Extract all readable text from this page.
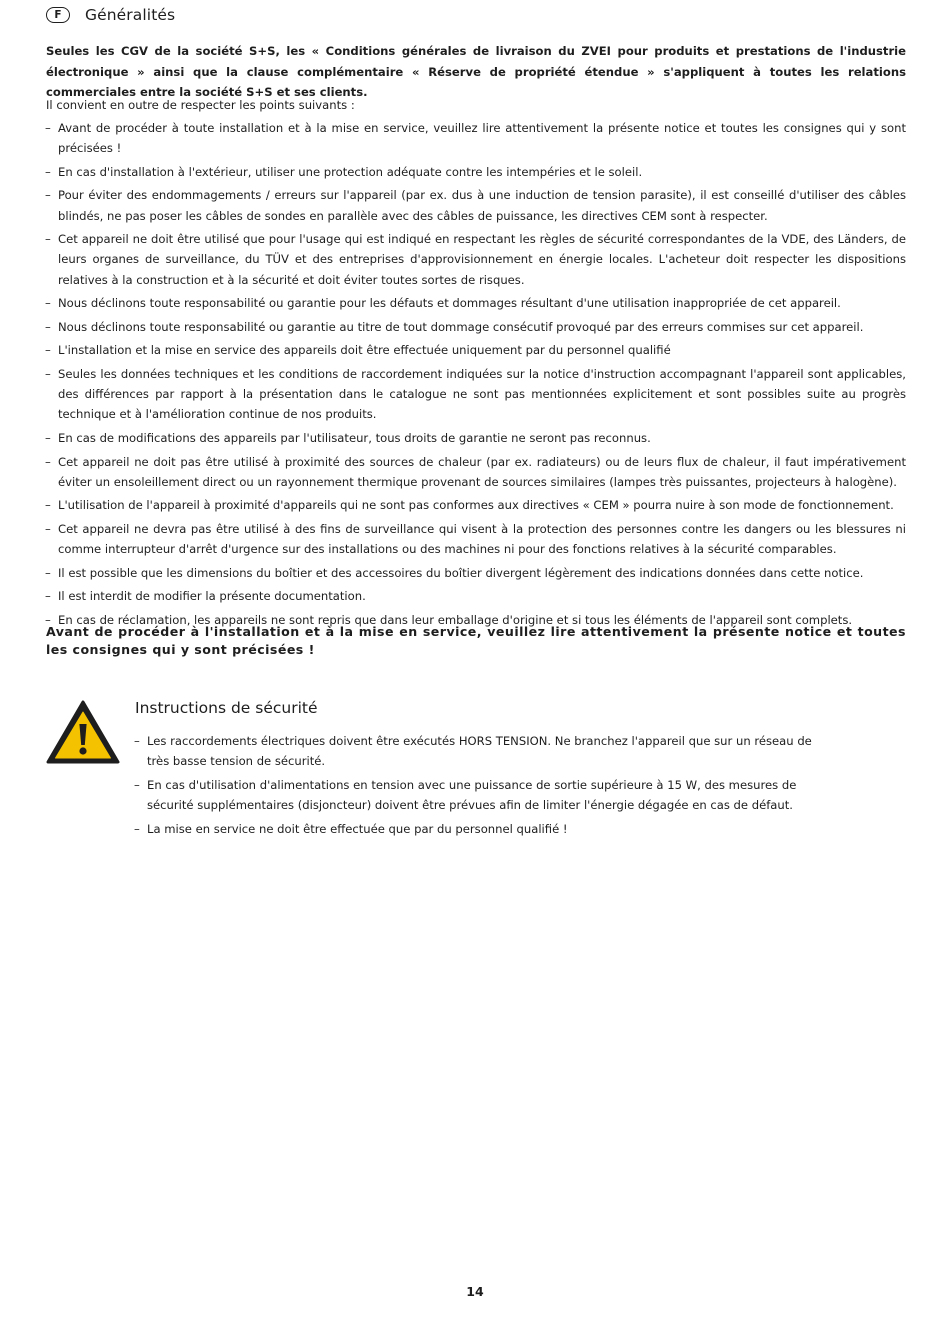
F	Généralités
Seules les CGV de la société S+S, les « Conditions générales de livraison du ZVEI pour produits et prestations de l'industrie électronique » ainsi que la clause complémentaire « Réserve de propriété étendue » s'appliquent à toutes les relations commerciales entre la société S+S et ses clients.
Il convient en outre de respecter les points suivants :
– Avant de procéder à toute installation et à la mise en service, veuillez lire attentivement la présente notice et toutes les consignes qui y sont précisées !
– En cas d'installation à l'extérieur, utiliser une protection adéquate contre les intempéries et le soleil.
– Pour éviter des endommagements / erreurs sur l'appareil (par ex. dus à une induction de tension parasite), il est conseillé d'utiliser des câbles blindés, ne pas poser les câbles de sondes en parallèle avec des câbles de puissance, les directives CEM sont à respecter.
– Cet appareil ne doit être utilisé que pour l'usage qui est indiqué en respectant les règles de sécurité correspondantes de la VDE, des Länders, de leurs organes de surveillance, du TÜV et des entreprises d'approvisionnement en énergie locales. L'acheteur doit respecter les dispositions relatives à la construction et à la sécurité et doit éviter toutes sortes de risques.
– Nous déclinons toute responsabilité ou garantie pour les défauts et dommages résultant d'une utilisation inappropriée de cet appareil.
– Nous déclinons toute responsabilité ou garantie au titre de tout dommage consécutif provoqué par des erreurs commises sur cet appareil.
– L'installation et la mise en service des appareils doit être effectuée uniquement par du personnel qualifié
– Seules les données techniques et les conditions de raccordement indiquées sur la notice d'instruction accompagnant l'appareil sont applicables, des différences par rapport à la présentation dans le catalogue ne sont pas mentionnées explicitement et sont possibles suite au progrès technique et à l'amélioration continue de nos produits.
– En cas de modifications des appareils par l'utilisateur, tous droits de garantie ne seront pas reconnus.
– Cet appareil ne doit pas être utilisé à proximité des sources de chaleur (par ex. radiateurs) ou de leurs flux de chaleur, il faut impérativement éviter un ensoleillement direct ou un rayonnement thermique provenant de sources similaires (lampes très puissantes, projecteurs à halogène).
– L'utilisation de l'appareil à proximité d'appareils qui ne sont pas conformes aux directives « CEM » pourra nuire à son mode de fonctionnement.
– Cet appareil ne devra pas être utilisé à des fins de surveillance qui visent à la protection des personnes contre les dangers ou les blessures ni comme interrupteur d'arrêt d'urgence sur des installations ou des machines ni pour des fonctions relatives à la sécurité comparables.
– Il est possible que les dimensions du boîtier et des accessoires du boîtier divergent légèrement des indications données dans cette notice.
– Il est interdit de modifier la présente documentation.
– En cas de réclamation, les appareils ne sont repris que dans leur emballage d'origine et si tous les éléments de l'appareil sont complets.
Avant de procéder à l'installation et à la mise en service, veuillez lire attentivement la présente notice et toutes les consignes qui y sont précisées !
Instructions de sécurité
– Les raccordements électriques doivent être exécutés HORS TENSION. Ne branchez l'appareil que sur un réseau de très basse tension de sécurité.
– En cas d'utilisation d'alimentations en tension avec une puissance de sortie supérieure à 15 W, des mesures de sécurité supplémentaires (disjoncteur) doivent être prévues afin de limiter l'énergie dégagée en cas de défaut.
– La mise en service ne doit être effectuée que par du personnel qualifié !
14
